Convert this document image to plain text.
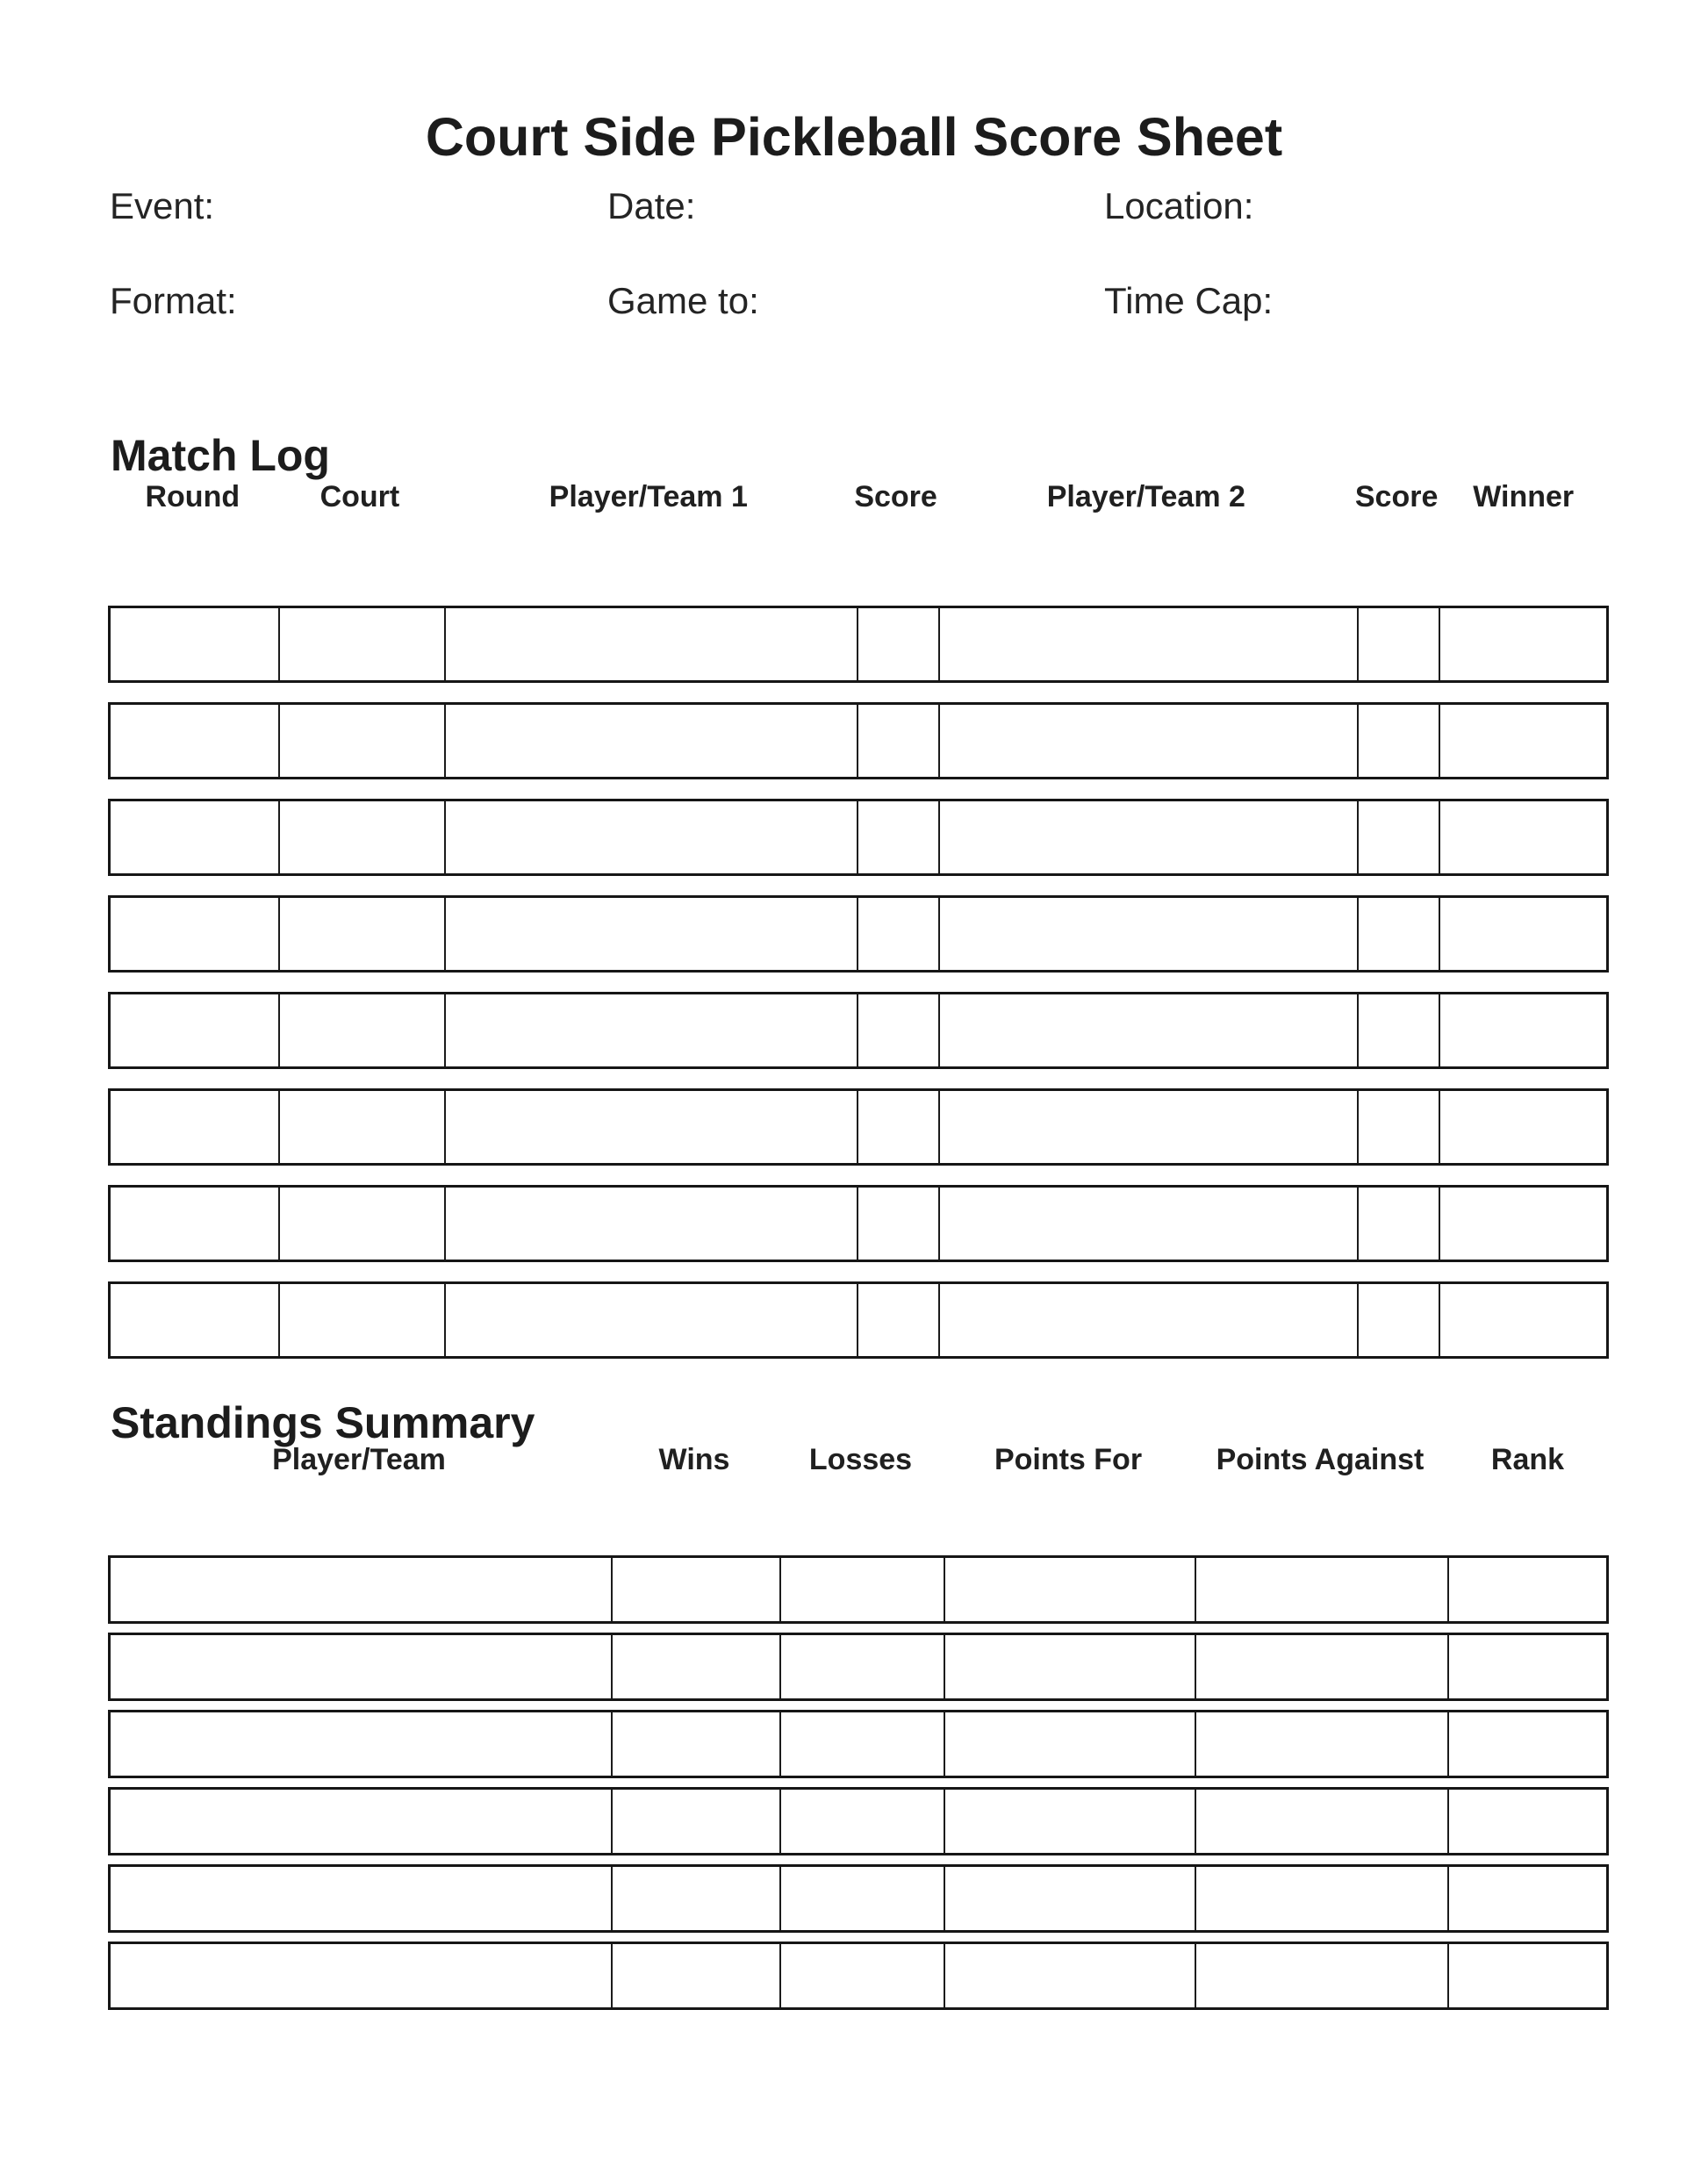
Court Side Pickleball Score Sheet
Event:	Date:	Location:
Format:	Game to:	Time Cap:
Match Log
Round	Court	Player/Team 1	Score	Player/Team 2	Score	Winner
Standings Summary
Player/Team	Wins	Losses	Points For	Points Against	Rank
